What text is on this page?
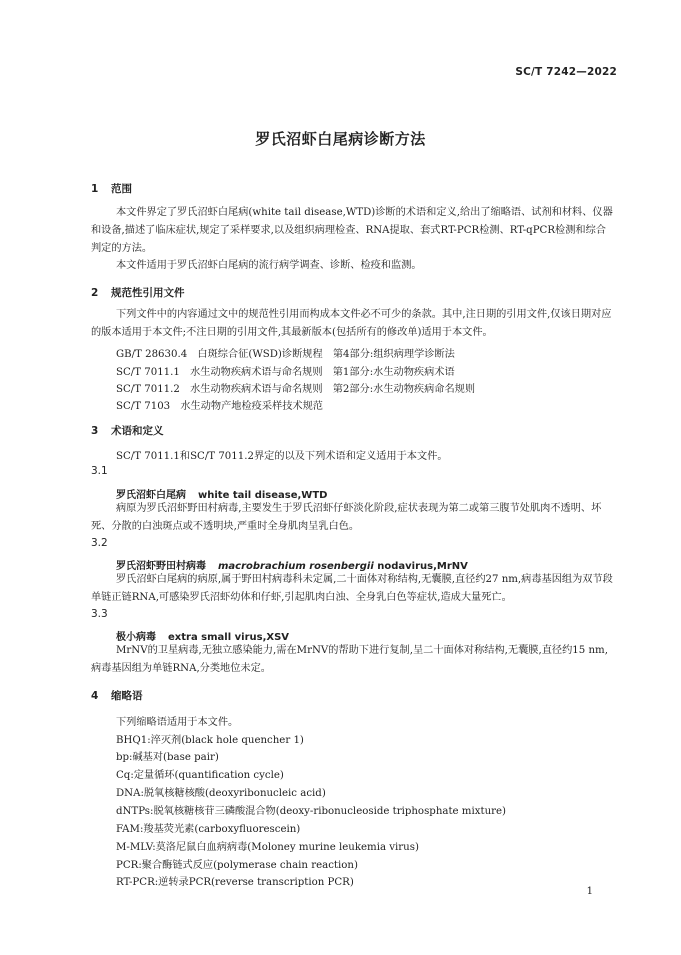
SC/T 7242—2022
罗氏沼虾白尾病诊断方法
1 范围

本文件界定了罗氏沼虾白尾病(white tail disease,WTD)诊断的术语和定义,给出了缩略语、试剂和材料、仪器和设备,描述了临床症状,规定了采样要求,以及组织病理检查、RNA提取、套式RT-PCR检测、RT-qPCR检测和综合判定的方法。

本文件适用于罗氏沼虾白尾病的流行病学调查、诊断、检疫和监测。

2 规范性引用文件

下列文件中的内容通过文中的规范性引用而构成本文件必不可少的条款。其中,注日期的引用文件,仅该日期对应的版本适用于本文件;不注日期的引用文件,其最新版本(包括所有的修改单)适用于本文件。

GB/T 28630.4　白斑综合征(WSD)诊断规程　第4部分:组织病理学诊断法
SC/T 7011.1　水生动物疾病术语与命名规则　第1部分:水生动物疾病术语
SC/T 7011.2　水生动物疾病术语与命名规则　第2部分:水生动物疾病命名规则
SC/T 7103　水生动物产地检疫采样技术规范
3 术语和定义
SC/T 7011.1和SC/T 7011.2界定的以及下列术语和定义适用于本文件。
3.1
罗氏沼虾白尾病 white tail disease,WTD

病原为罗氏沼虾野田村病毒,主要发生于罗氏沼虾仔虾淡化阶段,症状表现为第二或第三腹节处肌肉不透明、坏死、分散的白浊斑点或不透明块,严重时全身肌肉呈乳白色。

3.2
罗氏沼虾野田村病毒 macrobrachium rosenbergii nodavirus,MrNV

罗氏沼虾白尾病的病原,属于野田村病毒科未定属,二十面体对称结构,无囊膜,直径约27 nm,病毒基因组为双节段单链正链RNA,可感染罗氏沼虾幼体和仔虾,引起肌肉白浊、全身乳白色等症状,造成大量死亡。

3.3
极小病毒 extra small virus,XSV

MrNV的卫星病毒,无独立感染能力,需在MrNV的帮助下进行复制,呈二十面体对称结构,无囊膜,直径约15 nm,病毒基因组为单链RNA,分类地位未定。

4 缩略语
下列缩略语适用于本文件。
BHQ1:淬灭剂(black hole quencher 1)
bp:碱基对(base pair)
Cq:定量循环(quantification cycle)
DNA:脱氧核糖核酸(deoxyribonucleic acid)
dNTPs:脱氧核糖核苷三磷酸混合物(deoxy-ribonucleoside triphosphate mixture)
FAM:羧基荧光素(carboxyfluorescein)
M-MLV:莫洛尼鼠白血病病毒(Moloney murine leukemia virus)
PCR:聚合酶链式反应(polymerase chain reaction)
RT-PCR:逆转录PCR(reverse transcription PCR)
1
